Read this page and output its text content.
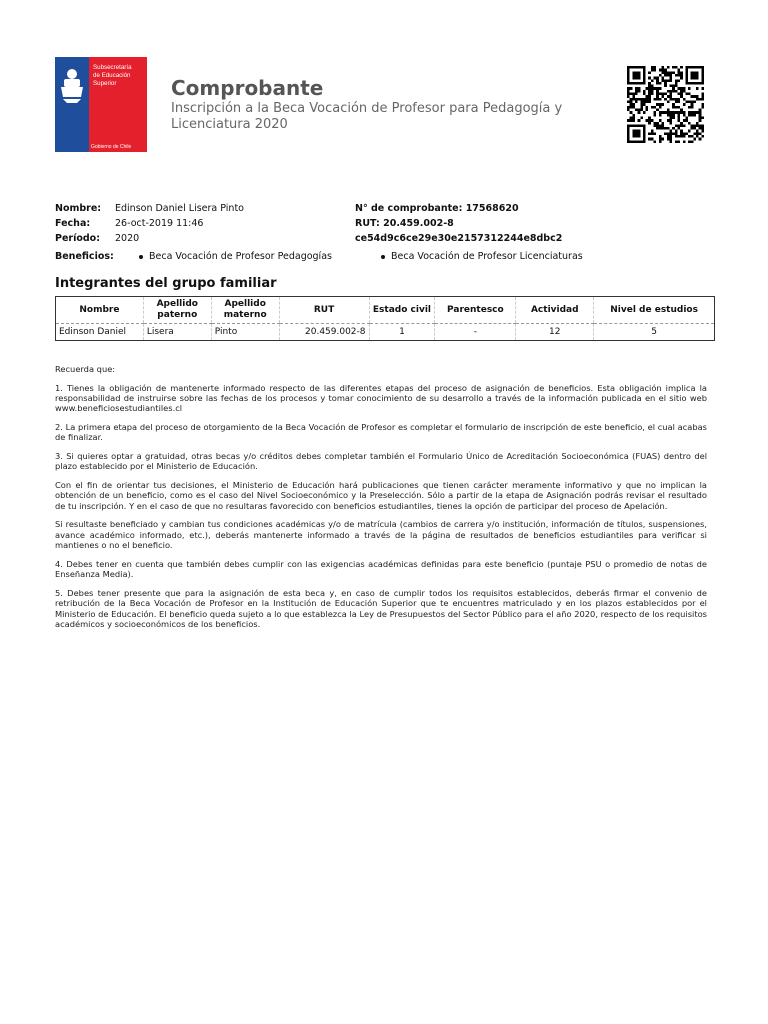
Subsecretaría
de Educación
Superior
Gobierno de Chile
Comprobante
Inscripción a la Beca Vocación de Profesor para Pedagogía y Licenciatura 2020
Nombre: Edinson Daniel Lisera Pinto
Fecha:	26-oct-2019 11:46
Período: 2020
N° de comprobante: 17568620
RUT: 20.459.002-8
ce54d9c6ce29e30e2157312244e8dbc2
Beneficios:	Beca Vocación de Profesor Pedagogías	Beca Vocación de Profesor Licenciaturas
Integrantes del grupo familiar
Nombre	Apellido paterno	Apellido materno	RUT	Estado civil	Parentesco	Actividad	Nivel de estudios
Edinson Daniel	Lisera	Pinto	20.459.002-8	1	-	12	5

Recuerda que:

1. Tienes la obligación de mantenerte informado respecto de las diferentes etapas del proceso de asignación de beneficios. Esta obligación implica la responsabilidad de instruirse sobre las fechas de los procesos y tomar conocimiento de su desarrollo a través de la información publicada en el sitio web www.beneficiosestudiantiles.cl

2. La primera etapa del proceso de otorgamiento de la Beca Vocación de Profesor es completar el formulario de inscripción de este beneficio, el cual acabas de finalizar.

3. Si quieres optar a gratuidad, otras becas y/o créditos debes completar también el Formulario Único de Acreditación Socioeconómica (FUAS) dentro del plazo establecido por el Ministerio de Educación.

Con el fin de orientar tus decisiones, el Ministerio de Educación hará publicaciones que tienen carácter meramente informativo y que no implican la obtención de un beneficio, como es el caso del Nivel Socioeconómico y la Preselección. Sólo a partir de la etapa de Asignación podrás revisar el resultado de tu inscripción. Y en el caso de que no resultaras favorecido con beneficios estudiantiles, tienes la opción de participar del proceso de Apelación.

Si resultaste beneficiado y cambian tus condiciones académicas y/o de matrícula (cambios de carrera y/o institución, información de títulos, suspensiones, avance académico informado, etc.), deberás mantenerte informado a través de la página de resultados de beneficios estudiantiles para verificar si mantienes o no el beneficio.

4. Debes tener en cuenta que también debes cumplir con las exigencias académicas definidas para este beneficio (puntaje PSU o promedio de notas de Enseñanza Media).

5. Debes tener presente que para la asignación de esta beca y, en caso de cumplir todos los requisitos establecidos, deberás firmar el convenio de retribución de la Beca Vocación de Profesor en la Institución de Educación Superior que te encuentres matriculado y en los plazos establecidos por el Ministerio de Educación. El beneficio queda sujeto a lo que establezca la Ley de Presupuestos del Sector Público para el año 2020, respecto de los requisitos académicos y socioeconómicos de los beneficios.
